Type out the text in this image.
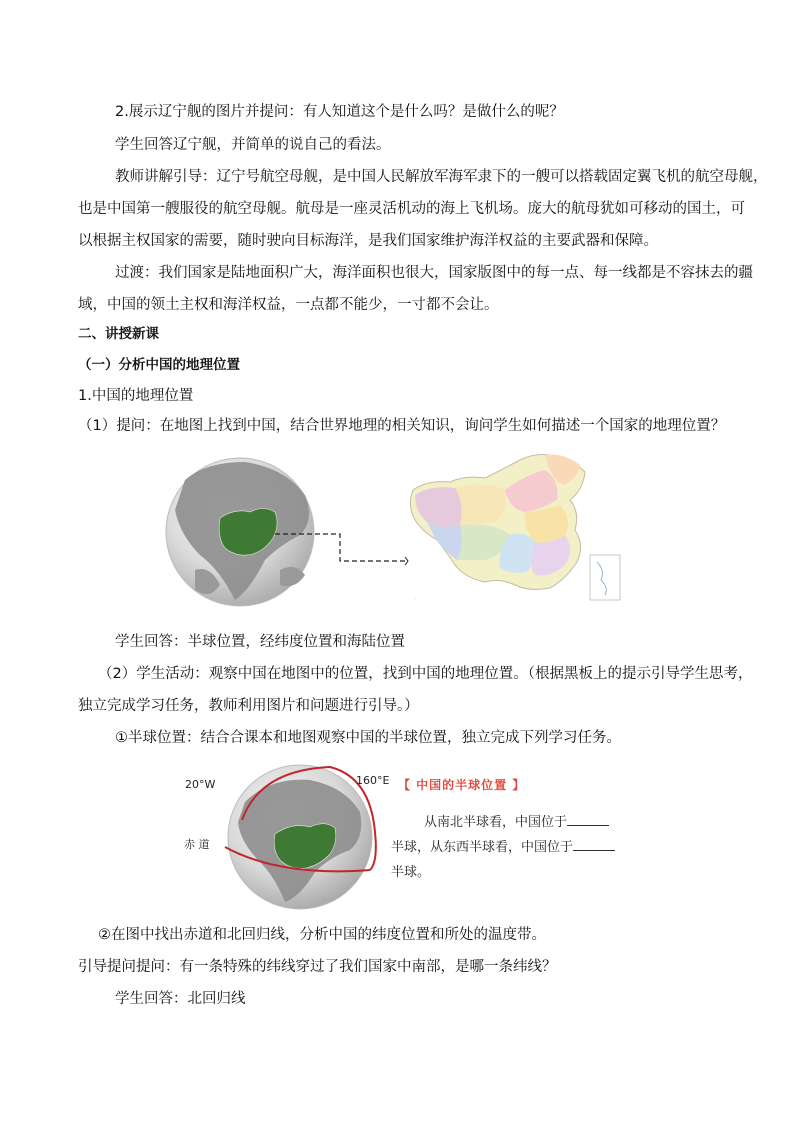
2.展示辽宁舰的图片并提问：有人知道这个是什么吗？是做什么的呢？
学生回答辽宁舰，并简单的说自己的看法。
教师讲解引导：辽宁号航空母舰，是中国人民解放军海军隶下的一艘可以搭载固定翼飞机的航空母舰，
也是中国第一艘服役的航空母舰。航母是一座灵活机动的海上飞机场。庞大的航母犹如可移动的国土，可
以根据主权国家的需要，随时驶向目标海洋，是我们国家维护海洋权益的主要武器和保障。
过渡：我们国家是陆地面积广大，海洋面积也很大，国家版图中的每一点、每一线都是不容抹去的疆
域，中国的领土主权和海洋权益，一点都不能少，一寸都不会让。
二、讲授新课
（一）分析中国的地理位置
1.中国的地理位置
（1）提问：在地图上找到中国，结合世界地理的相关知识，询问学生如何描述一个国家的地理位置？
·
学生回答：半球位置，经纬度位置和海陆位置
（2）学生活动：观察中国在地图中的位置，找到中国的地理位置。（根据黑板上的提示引导学生思考，
独立完成学习任务，教师利用图片和问题进行引导。）
①半球位置：结合合课本和地图观察中国的半球位置，独立完成下列学习任务。
20°W	160°E
赤 道
【 中国的半球位置 】
从南北半球看，中国位于
半球，从东西半球看，中国位于
半球。
②在图中找出赤道和北回归线，分析中国的纬度位置和所处的温度带。
引导提问提问：有一条特殊的纬线穿过了我们国家中南部，是哪一条纬线？
学生回答：北回归线
